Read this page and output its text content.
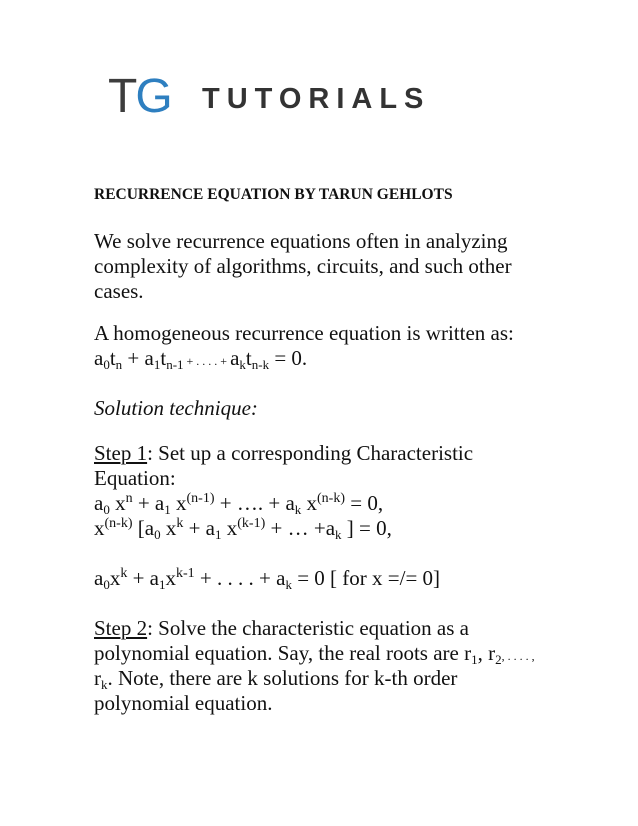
TG TUTORIALS
RECURRENCE EQUATION BY TARUN GEHLOTS
We solve recurrence equations often in analyzing
complexity of algorithms, circuits, and such other
cases.
A homogeneous recurrence equation is written as:
$a_0t_n + a_1t_{n-1}$ + . . . . + $a_kt_{n-k} = 0$.
Solution technique:
Step 1: Set up a corresponding Characteristic
Equation:
$a_0$ $x^n + a_1$ $x^{(n-1)}$ + …. + $a_k$ $x^{(n-k)} = 0$,
$x^{(n-k)}$ [$a_0$ $x^k + a_1$ $x^{(k-1)}$ + … $+a_k$ ] = 0,
$a_0x^k + a_1x^{k-1}$ + . . . . + $a_k = 0$ [ for x =/= 0]
Step 2: Solve the characteristic equation as a
polynomial equation. Say, the real roots are $r_1$, $r_2$, . . . . ,
$r_k$. Note, there are k solutions for k-th order
polynomial equation.
